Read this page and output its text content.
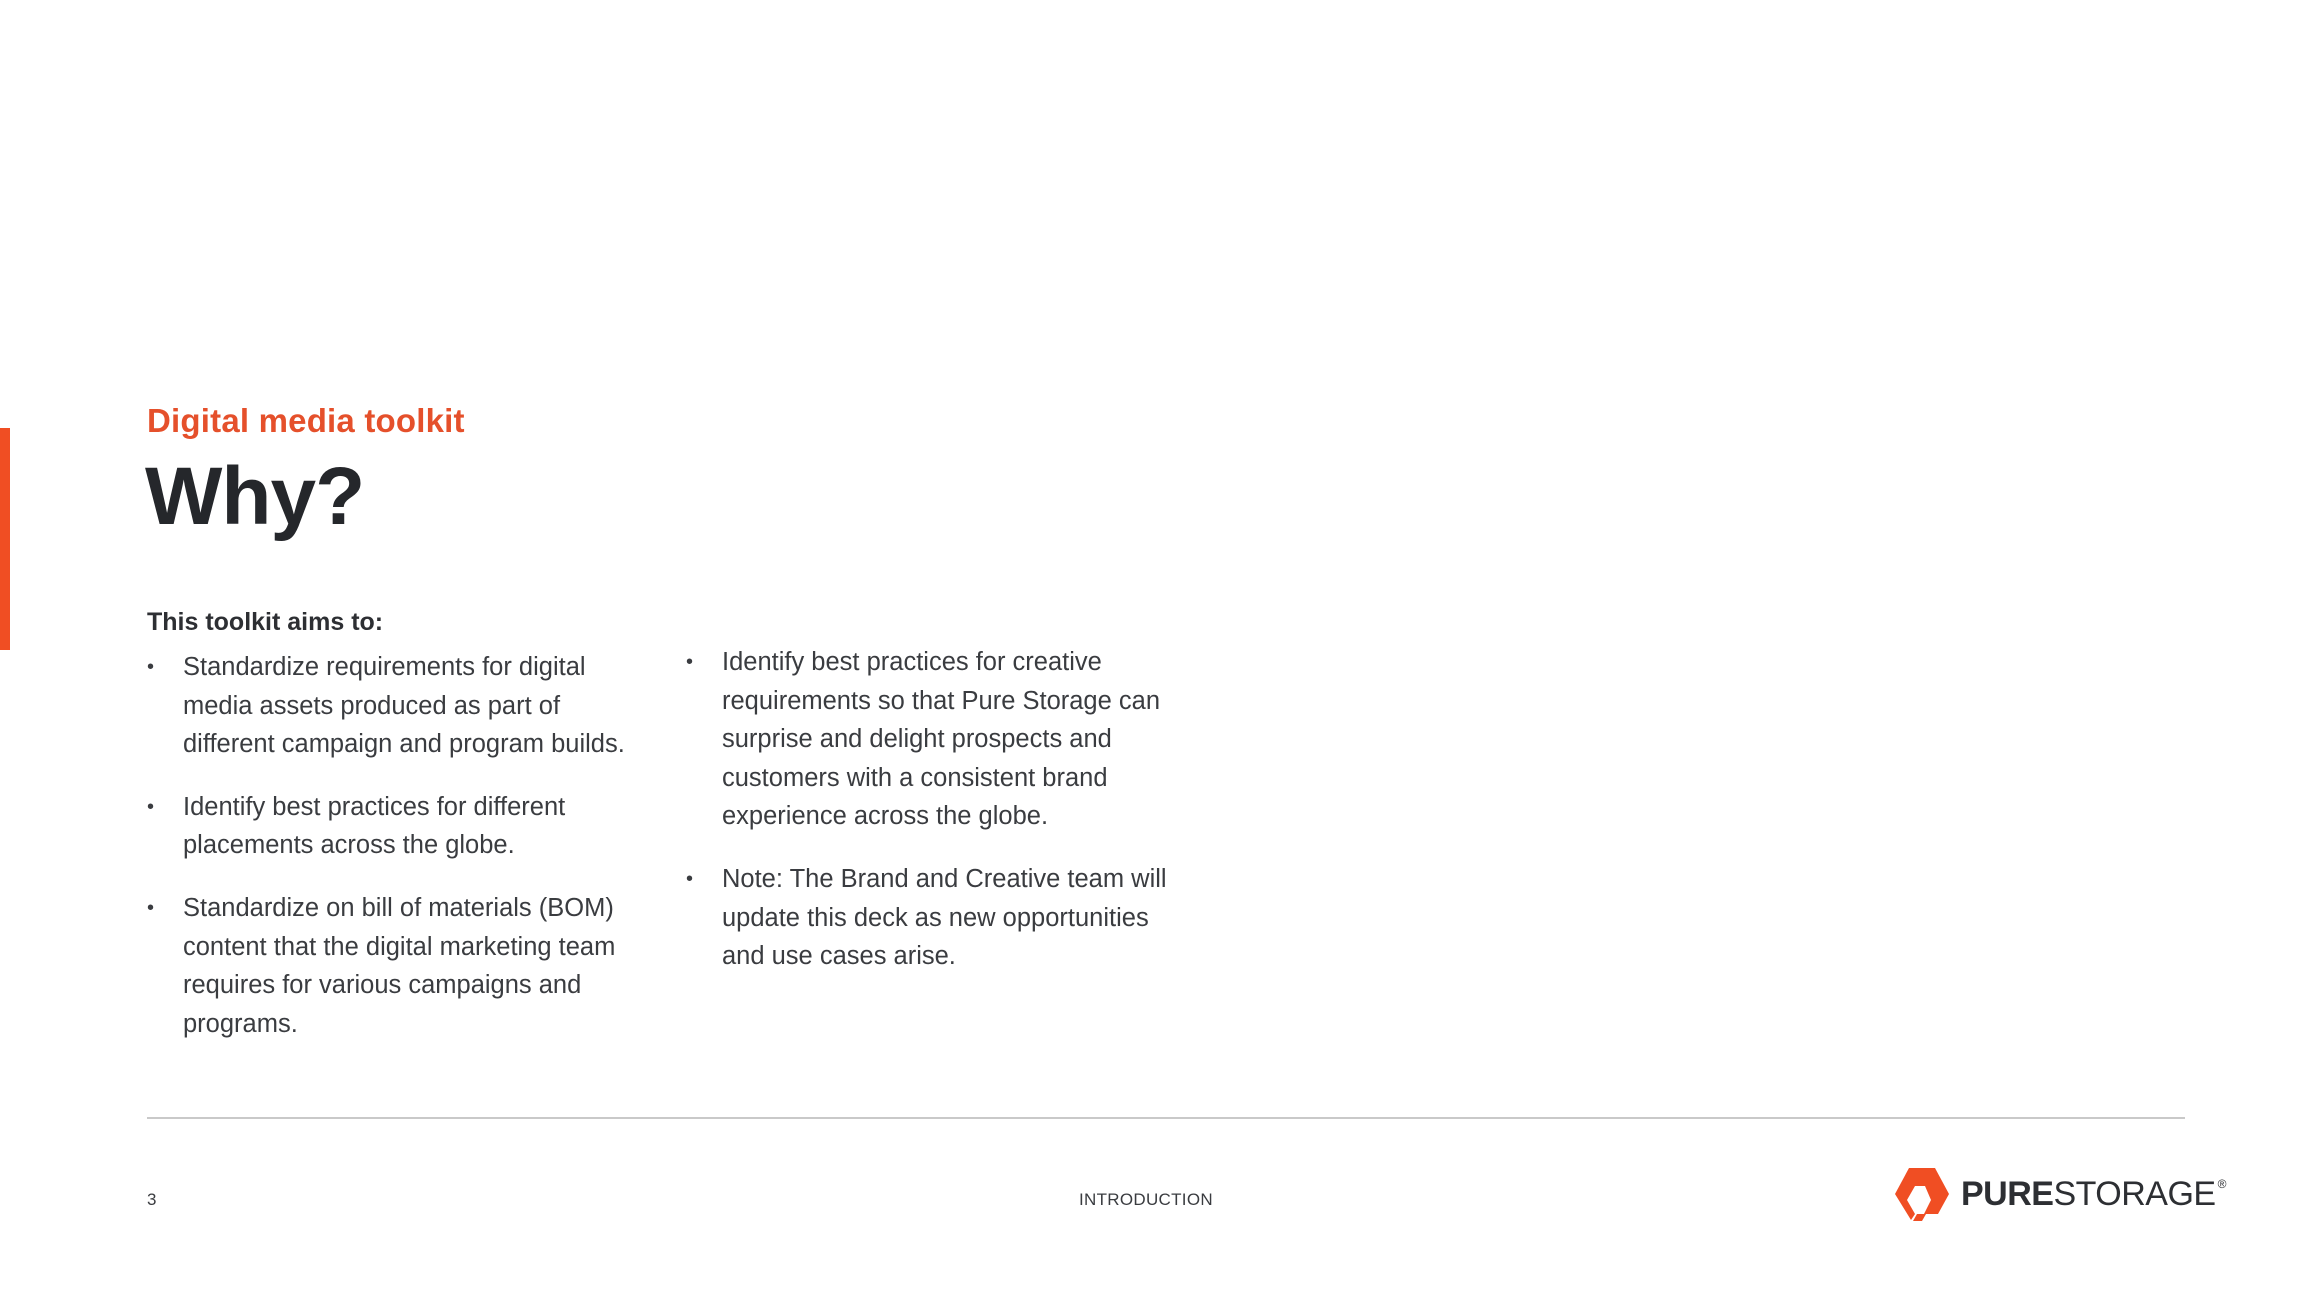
Digital media toolkit
Why?
This toolkit aims to:
• Standardize requirements for digital media assets produced as part of different campaign and program builds.
• Identify best practices for different placements across the globe.
• Standardize on bill of materials (BOM) content that the digital marketing team requires for various campaigns and programs.
• Identify best practices for creative requirements so that Pure Storage can surprise and delight prospects and customers with a consistent brand experience across the globe.
• Note: The Brand and Creative team will update this deck as new opportunities and use cases arise.
3	INTRODUCTION	PURE STORAGE ®
